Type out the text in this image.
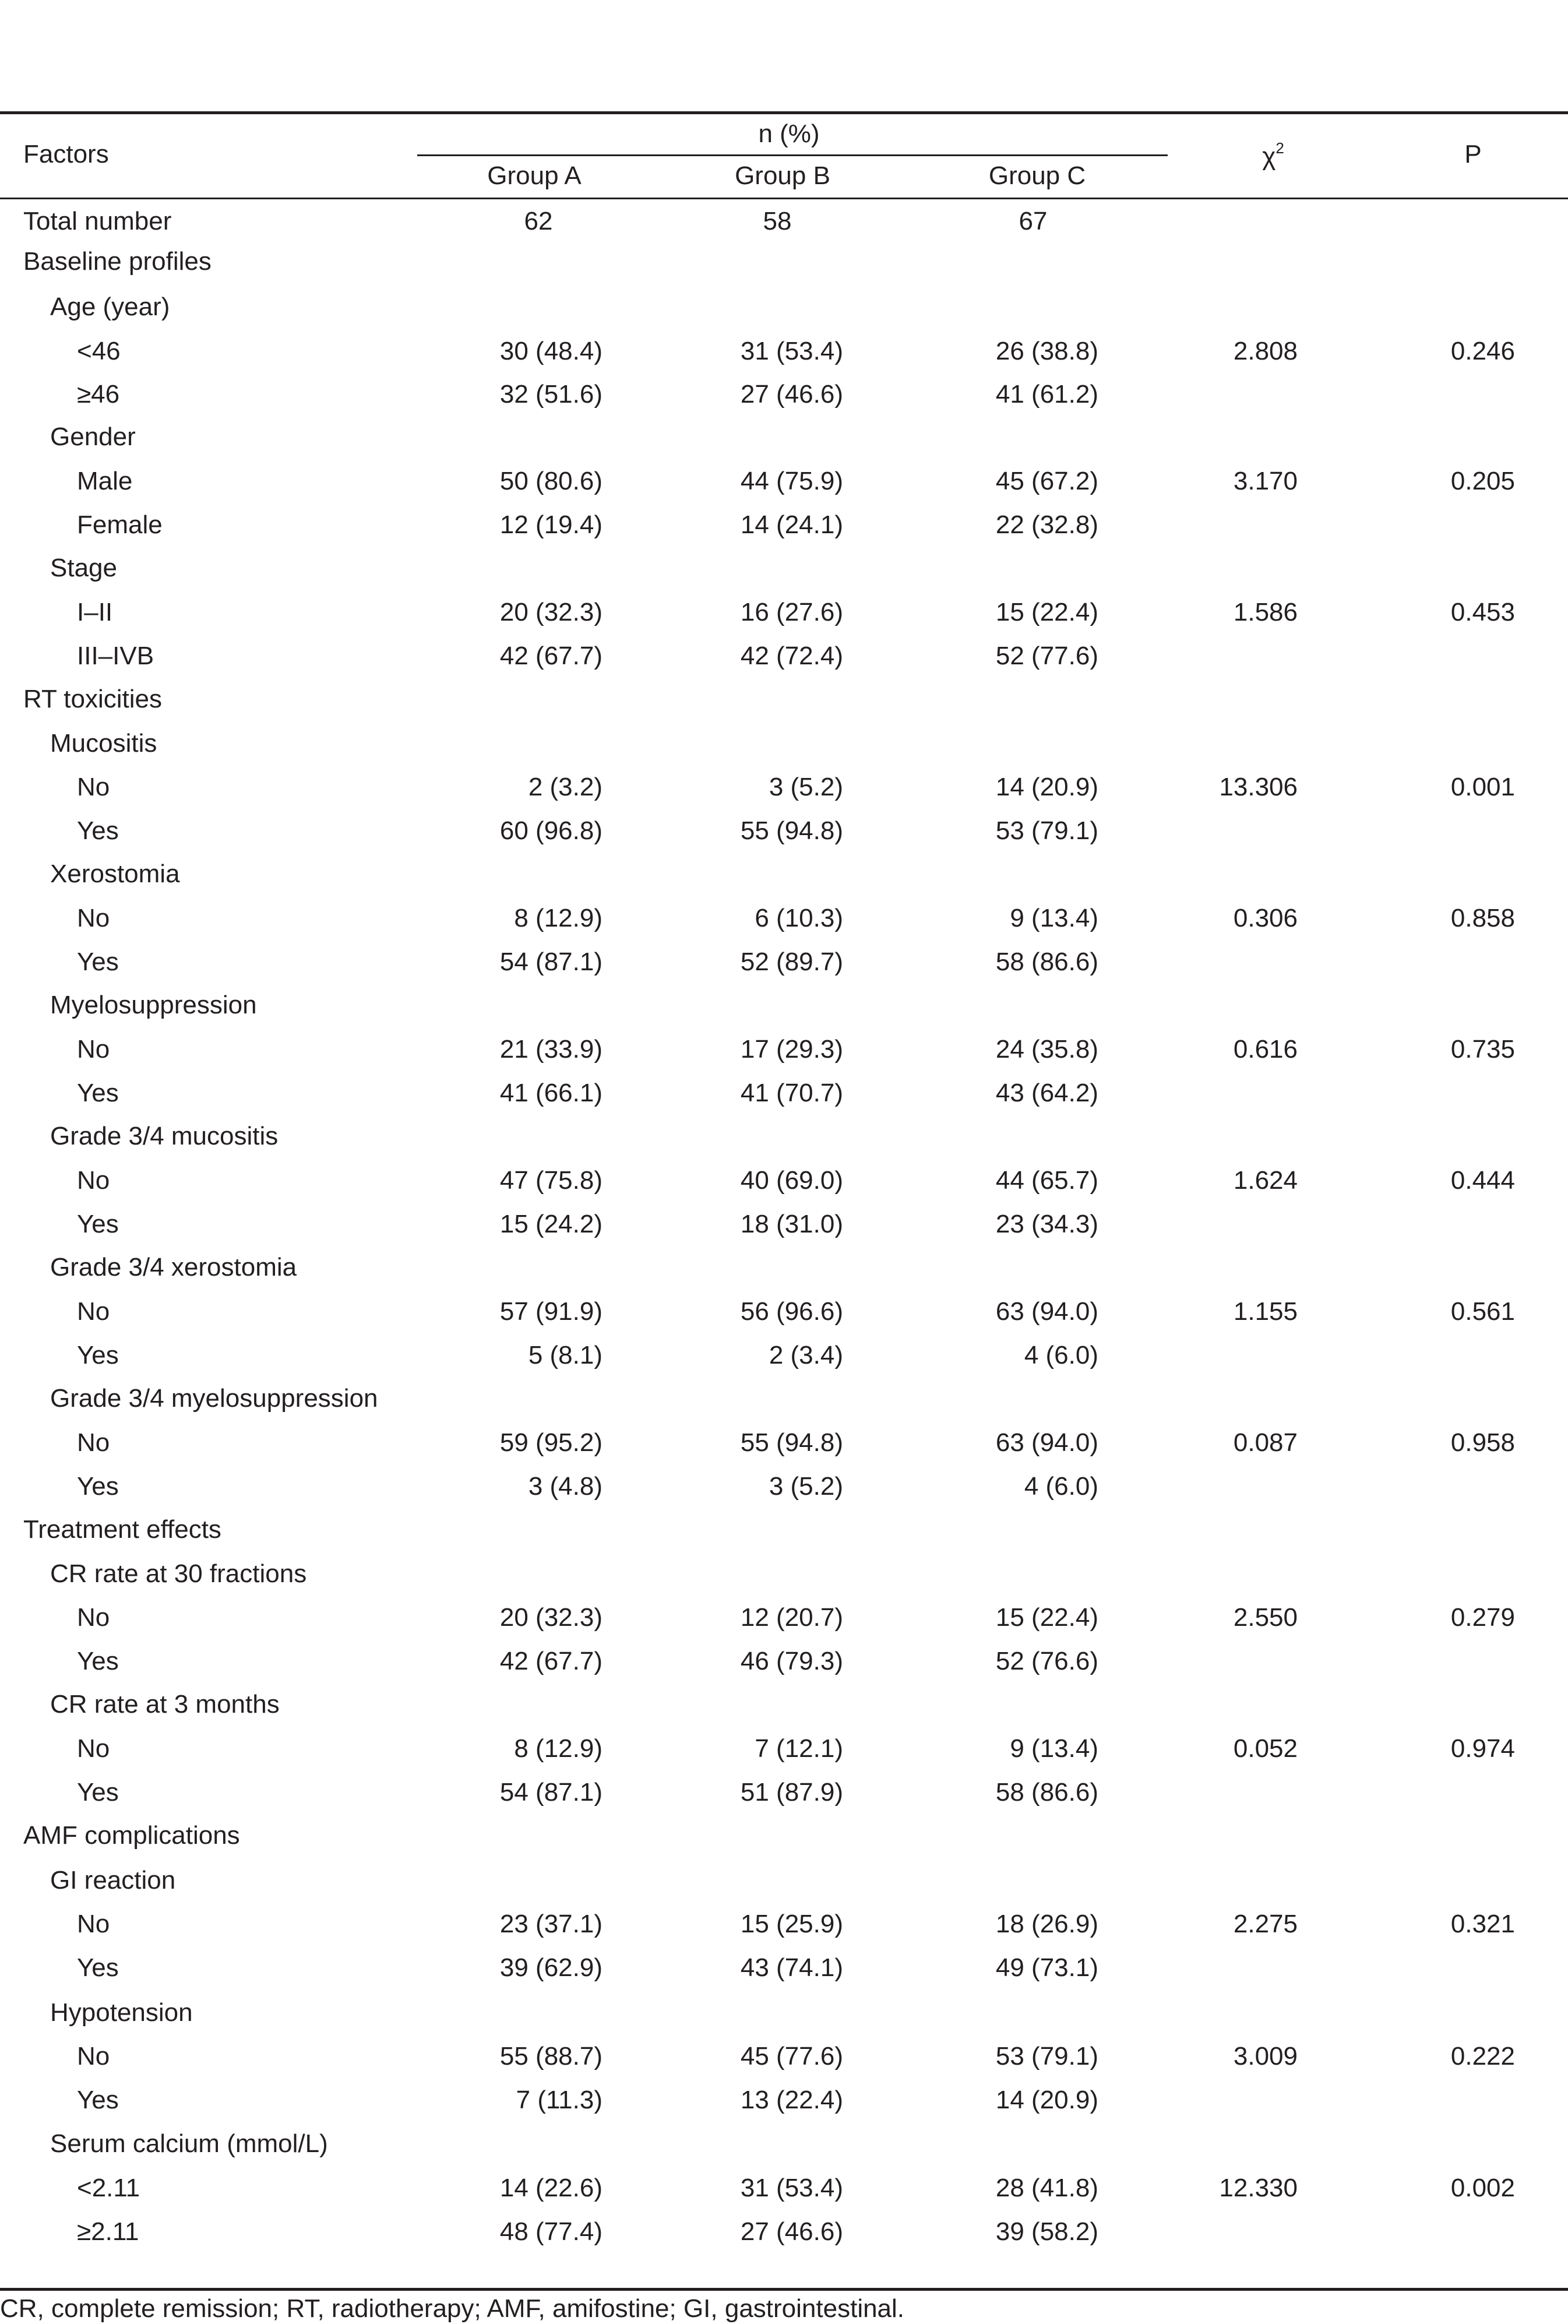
Factors
n (%)
Group A	Group B	Group C
$\chi^2$	P
Total number	62	58	67
Baseline profiles
Age (year)
<46	30 (48.4)	31 (53.4)	26 (38.8)	2.808	0.246
≥46	32 (51.6)	27 (46.6)	41 (61.2)
Gender
Male	50 (80.6)	44 (75.9)	45 (67.2)	3.170	0.205
Female	12 (19.4)	14 (24.1)	22 (32.8)
Stage
I–II	20 (32.3)	16 (27.6)	15 (22.4)	1.586	0.453
III–IVB	42 (67.7)	42 (72.4)	52 (77.6)
RT toxicities
Mucositis
No	2 (3.2)	3 (5.2)	14 (20.9)	13.306	0.001
Yes	60 (96.8)	55 (94.8)	53 (79.1)
Xerostomia
No	8 (12.9)	6 (10.3)	9 (13.4)	0.306	0.858
Yes	54 (87.1)	52 (89.7)	58 (86.6)
Myelosuppression
No	21 (33.9)	17 (29.3)	24 (35.8)	0.616	0.735
Yes	41 (66.1)	41 (70.7)	43 (64.2)
Grade 3/4 mucositis
No	47 (75.8)	40 (69.0)	44 (65.7)	1.624	0.444
Yes	15 (24.2)	18 (31.0)	23 (34.3)
Grade 3/4 xerostomia
No	57 (91.9)	56 (96.6)	63 (94.0)	1.155	0.561
Yes	5 (8.1)	2 (3.4)	4 (6.0)
Grade 3/4 myelosuppression
No	59 (95.2)	55 (94.8)	63 (94.0)	0.087	0.958
Yes	3 (4.8)	3 (5.2)	4 (6.0)
Treatment effects
CR rate at 30 fractions
No	20 (32.3)	12 (20.7)	15 (22.4)	2.550	0.279
Yes	42 (67.7)	46 (79.3)	52 (76.6)
CR rate at 3 months
No	8 (12.9)	7 (12.1)	9 (13.4)	0.052	0.974
Yes	54 (87.1)	51 (87.9)	58 (86.6)
AMF complications
GI reaction
No	23 (37.1)	15 (25.9)	18 (26.9)	2.275	0.321
Yes	39 (62.9)	43 (74.1)	49 (73.1)
Hypotension
No	55 (88.7)	45 (77.6)	53 (79.1)	3.009	0.222
Yes	7 (11.3)	13 (22.4)	14 (20.9)
Serum calcium (mmol/L)
<2.11	14 (22.6)	31 (53.4)	28 (41.8)	12.330	0.002
≥2.11	48 (77.4)	27 (46.6)	39 (58.2)
CR, complete remission; RT, radiotherapy; AMF, amifostine; GI, gastrointestinal.
